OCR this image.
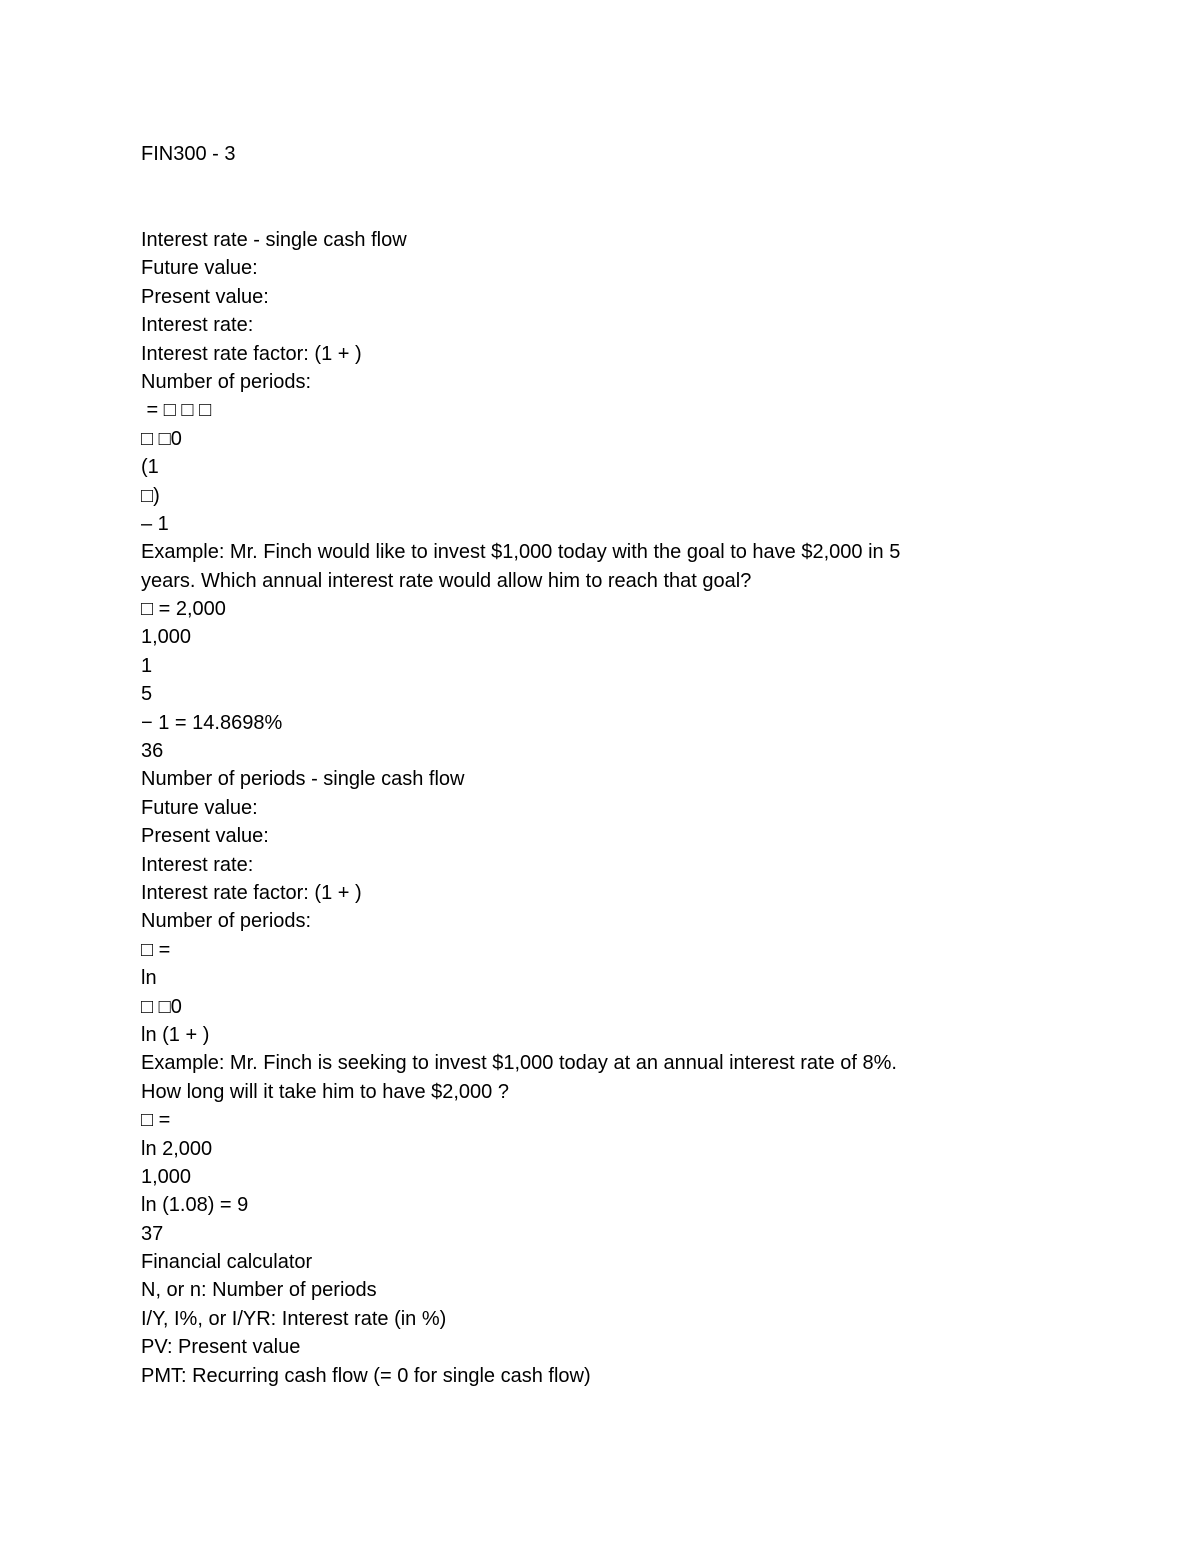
FIN300 - 3
Interest rate - single cash flow
Future value:
Present value:
Interest rate:
Interest rate factor: (1 + )
Number of periods:
= □ □ □
□ □0
(1
□)
– 1
Example: Mr. Finch would like to invest $1,000 today with the goal to have $2,000 in 5
years. Which annual interest rate would allow him to reach that goal?
□ = 2,000
1,000
1
5
− 1 = 14.8698%
36
Number of periods - single cash flow
Future value:
Present value:
Interest rate:
Interest rate factor: (1 + )
Number of periods:
□ =
ln
□ □0
ln (1 + )
Example: Mr. Finch is seeking to invest $1,000 today at an annual interest rate of 8%.
How long will it take him to have $2,000 ?
□ =
ln 2,000
1,000
ln (1.08) = 9
37
Financial calculator
N, or n: Number of periods
I/Y, I%, or I/YR: Interest rate (in %)
PV: Present value
PMT: Recurring cash flow (= 0 for single cash flow)
